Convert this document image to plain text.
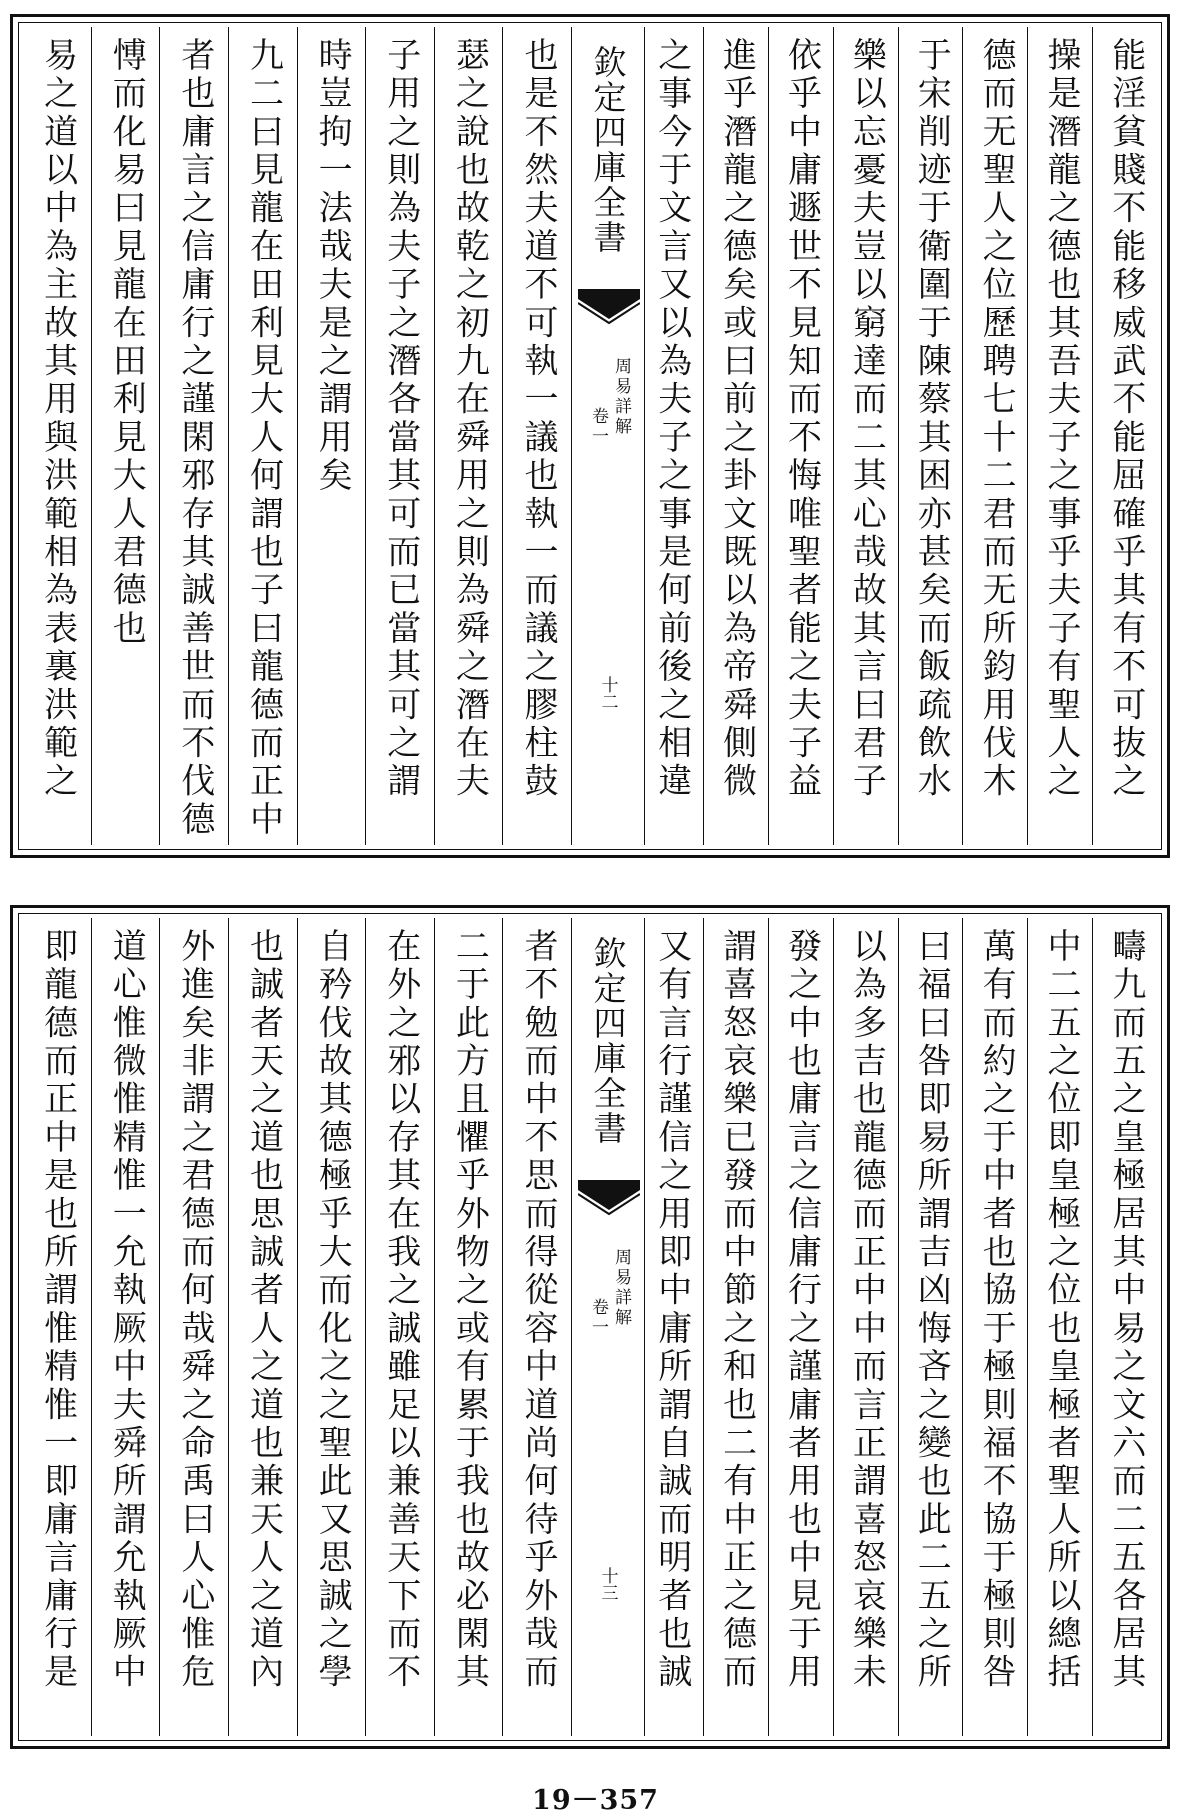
能淫貧賤不能移威武不能屈確乎其有不可抜之
操是潛龍之德也其吾夫子之事乎夫子有聖人之
德而无聖人之位歷聘七十二君而无所鈞用伐木
于宋削迹于衛圍于陳蔡其困亦甚矣而飯疏飲水
樂以忘憂夫豈以窮達而二其心哉故其言曰君子
依乎中庸遯世不見知而不悔唯聖者能之夫子益
進乎潛龍之德矣或曰前之卦文既以為帝舜側微
之事今于文言又以為夫子之事是何前後之相違
欽定四庫全書
周易詳解
卷一
十二
也是不然夫道不可執一議也執一而議之膠柱鼓
瑟之說也故乾之初九在舜用之則為舜之潛在夫
子用之則為夫子之潛各當其可而已當其可之謂
時豈拘一法哉夫是之謂用矣
九二曰見龍在田利見大人何謂也子曰龍德而正中
者也庸言之信庸行之謹閑邪存其誠善世而不伐德
愽而化易曰見龍在田利見大人君德也
易之道以中為主故其用與洪範相為表裏洪範之
疇九而五之皇極居其中易之文六而二五各居其
中二五之位即皇極之位也皇極者聖人所以總括
萬有而約之于中者也協于極則福不協于極則咎
曰福曰咎即易所謂吉凶悔吝之變也此二五之所
以為多吉也龍德而正中中而言正謂喜怒哀樂未
發之中也庸言之信庸行之謹庸者用也中見于用
謂喜怒哀樂已發而中節之和也二有中正之德而
又有言行謹信之用即中庸所謂自誠而明者也誠
欽定四庫全書
周易詳解
卷一
十三
者不勉而中不思而得從容中道尚何待乎外哉而
二于此方且懼乎外物之或有累于我也故必閑其
在外之邪以存其在我之誠雖足以兼善天下而不
自矜伐故其德極乎大而化之之聖此又思誠之學
也誠者天之道也思誠者人之道也兼天人之道內
外進矣非謂之君德而何哉舜之命禹曰人心惟危
道心惟微惟精惟一允執厥中夫舜所謂允執厥中
即龍德而正中是也所謂惟精惟一即庸言庸行是
19－357
